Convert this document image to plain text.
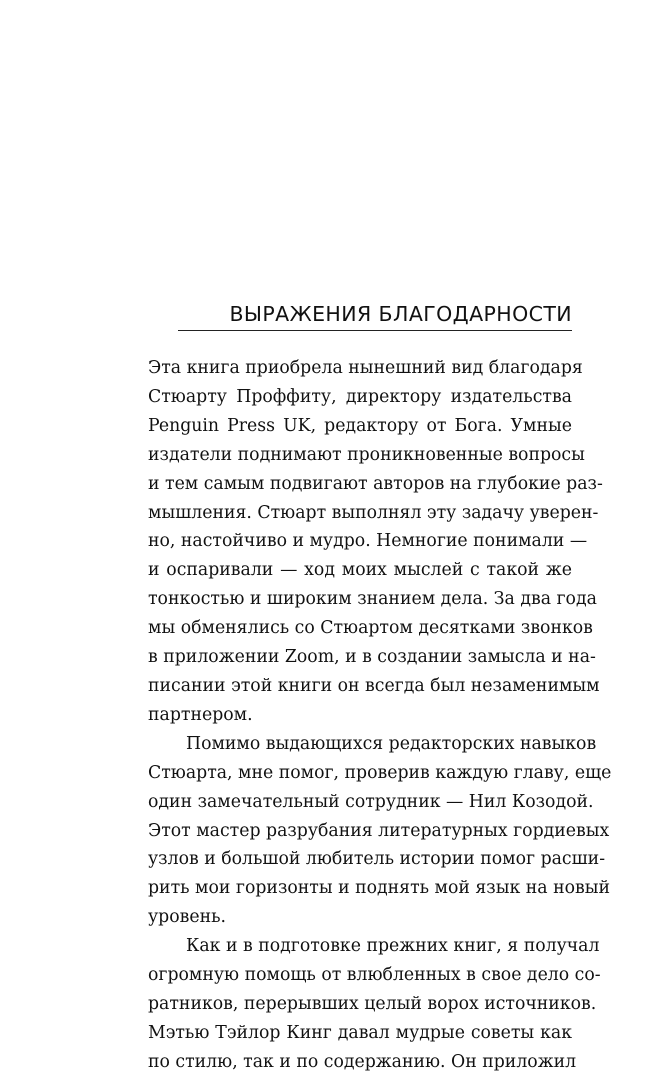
ВЫРАЖЕНИЯ БЛАГОДАРНОСТИ

Эта книга приобрела нынешний вид благодаря
Стюарту Проффиту, директору издательства
Penguin Press UK, редактору от Бога. Умные
издатели поднимают проникновенные вопросы
и тем самым подвигают авторов на глубокие раз-
мышления. Стюарт выполнял эту задачу уверен-
но, настойчиво и мудро. Немногие понимали —
и оспаривали — ход моих мыслей с такой же
тонкостью и широким знанием дела. За два года
мы обменялись со Стюартом десятками звонков
в приложении Zoom, и в создании замысла и на-
писании этой книги он всегда был незаменимым
партнером.

Помимо выдающихся редакторских навыков
Стюарта, мне помог, проверив каждую главу, еще
один замечательный сотрудник — Нил Козодой.
Этот мастер разрубания литературных гордиевых
узлов и большой любитель истории помог расши-
рить мои горизонты и поднять мой язык на новый
уровень.

Как и в подготовке прежних книг, я получал
огромную помощь от влюбленных в свое дело со-
ратников, перерывших целый ворох источников.
Мэтью Тэйлор Кинг давал мудрые советы как
по стилю, так и по содержанию. Он приложил
